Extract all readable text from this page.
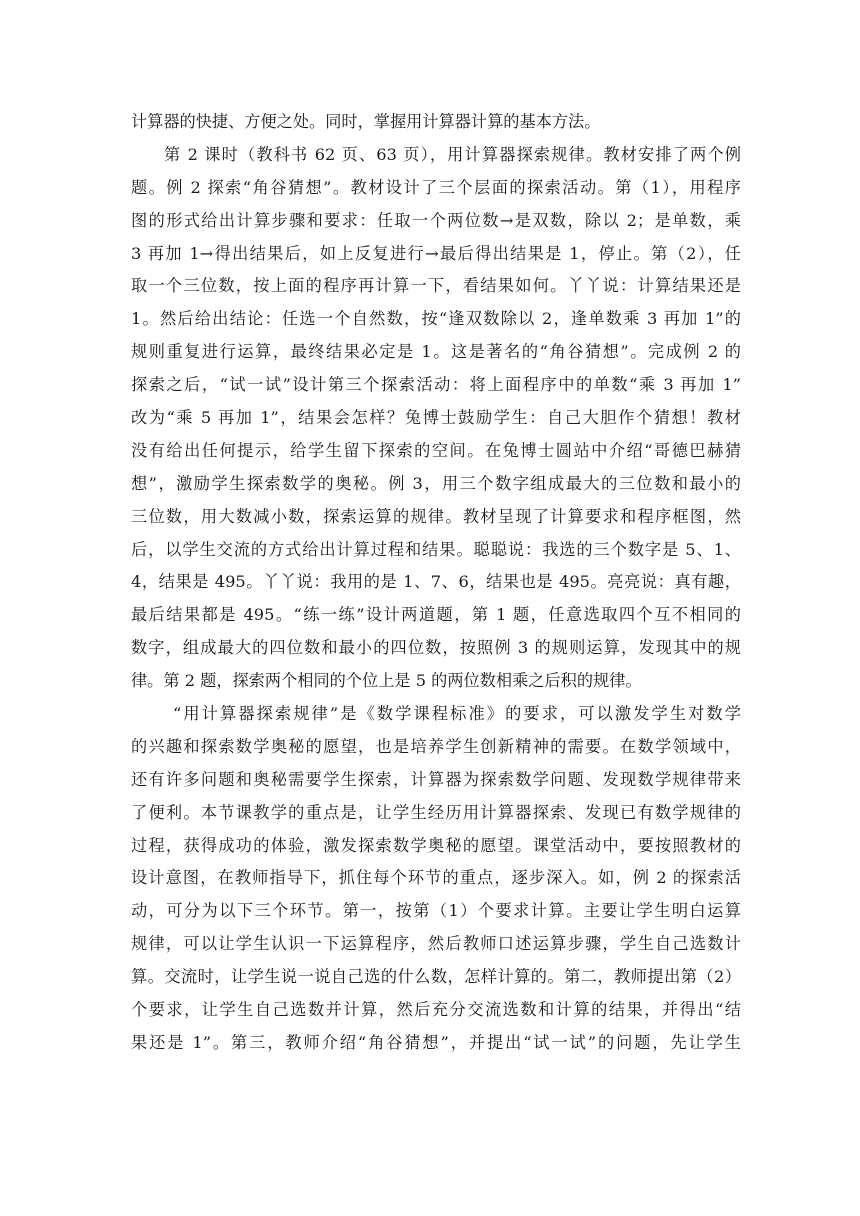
计算器的快捷、方便之处。同时，掌握用计算器计算的基本方法。
第 2 课时（教科书 62 页、63 页），用计算器探索规律。教材安排了两个例
题。例 2 探索“角谷猜想”。教材设计了三个层面的探索活动。第（1），用程序
图的形式给出计算步骤和要求：任取一个两位数→是双数，除以 2；是单数，乘
3 再加 1→得出结果后，如上反复进行→最后得出结果是 1，停止。第（2），任
取一个三位数，按上面的程序再计算一下，看结果如何。丫丫说：计算结果还是
1。然后给出结论：任选一个自然数，按“逢双数除以 2，逢单数乘 3 再加 1”的
规则重复进行运算，最终结果必定是 1。这是著名的“角谷猜想”。完成例 2 的
探索之后，“试一试”设计第三个探索活动：将上面程序中的单数“乘 3 再加 1”
改为“乘 5 再加 1”，结果会怎样？兔博士鼓励学生：自己大胆作个猜想！教材
没有给出任何提示，给学生留下探索的空间。在兔博士圆站中介绍“哥德巴赫猜
想”，激励学生探索数学的奥秘。例 3，用三个数字组成最大的三位数和最小的
三位数，用大数减小数，探索运算的规律。教材呈现了计算要求和程序框图，然
后，以学生交流的方式给出计算过程和结果。聪聪说：我选的三个数字是 5、1、
4，结果是 495。丫丫说：我用的是 1、7、6，结果也是 495。亮亮说：真有趣，
最后结果都是 495。“练一练”设计两道题，第 1 题，任意选取四个互不相同的
数字，组成最大的四位数和最小的四位数，按照例 3 的规则运算，发现其中的规
律。第 2 题，探索两个相同的个位上是 5 的两位数相乘之后积的规律。
“用计算器探索规律”是《数学课程标准》的要求，可以激发学生对数学
的兴趣和探索数学奥秘的愿望，也是培养学生创新精神的需要。在数学领域中，
还有许多问题和奥秘需要学生探索，计算器为探索数学问题、发现数学规律带来
了便利。本节课教学的重点是，让学生经历用计算器探索、发现已有数学规律的
过程，获得成功的体验，激发探索数学奥秘的愿望。课堂活动中，要按照教材的
设计意图，在教师指导下，抓住每个环节的重点，逐步深入。如，例 2 的探索活
动，可分为以下三个环节。第一，按第（1）个要求计算。主要让学生明白运算
规律，可以让学生认识一下运算程序，然后教师口述运算步骤，学生自己选数计
算。交流时，让学生说一说自己选的什么数，怎样计算的。第二，教师提出第（2）
个要求，让学生自己选数并计算，然后充分交流选数和计算的结果，并得出“结
果还是 1”。第三，教师介绍“角谷猜想”，并提出“试一试”的问题，先让学生
